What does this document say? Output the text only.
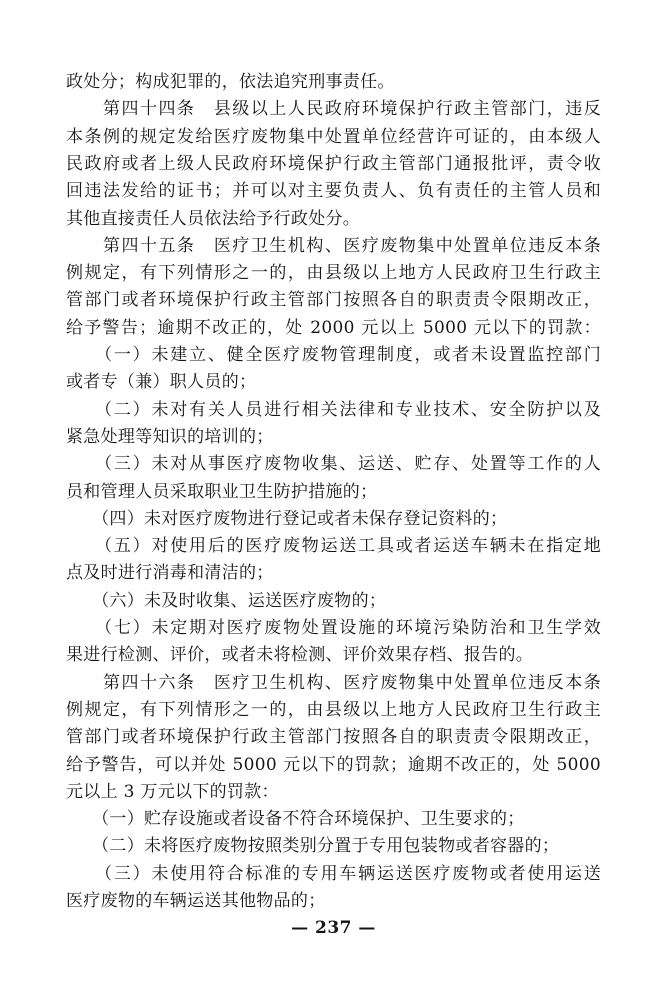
政处分；构成犯罪的，依法追究刑事责任。
　　第四十四条　县级以上人民政府环境保护行政主管部门，违反
本条例的规定发给医疗废物集中处置单位经营许可证的，由本级人
民政府或者上级人民政府环境保护行政主管部门通报批评，责令收
回违法发给的证书；并可以对主要负责人、负有责任的主管人员和
其他直接责任人员依法给予行政处分。
　　第四十五条　医疗卫生机构、医疗废物集中处置单位违反本条
例规定，有下列情形之一的，由县级以上地方人民政府卫生行政主
管部门或者环境保护行政主管部门按照各自的职责责令限期改正，
给予警告；逾期不改正的，处 2000 元以上 5000 元以下的罚款：
　　（一）未建立、健全医疗废物管理制度，或者未设置监控部门
或者专（兼）职人员的；
　　（二）未对有关人员进行相关法律和专业技术、安全防护以及
紧急处理等知识的培训的；
　　（三）未对从事医疗废物收集、运送、贮存、处置等工作的人
员和管理人员采取职业卫生防护措施的；
　　（四）未对医疗废物进行登记或者未保存登记资料的；
　　（五）对使用后的医疗废物运送工具或者运送车辆未在指定地
点及时进行消毒和清洁的；
　　（六）未及时收集、运送医疗废物的；
　　（七）未定期对医疗废物处置设施的环境污染防治和卫生学效
果进行检测、评价，或者未将检测、评价效果存档、报告的。
　　第四十六条　医疗卫生机构、医疗废物集中处置单位违反本条
例规定，有下列情形之一的，由县级以上地方人民政府卫生行政主
管部门或者环境保护行政主管部门按照各自的职责责令限期改正，
给予警告，可以并处 5000 元以下的罚款；逾期不改正的，处 5000
元以上 3 万元以下的罚款：
　　（一）贮存设施或者设备不符合环境保护、卫生要求的；
　　（二）未将医疗废物按照类别分置于专用包装物或者容器的；
　　（三）未使用符合标准的专用车辆运送医疗废物或者使用运送
医疗废物的车辆运送其他物品的；
— 237 —
